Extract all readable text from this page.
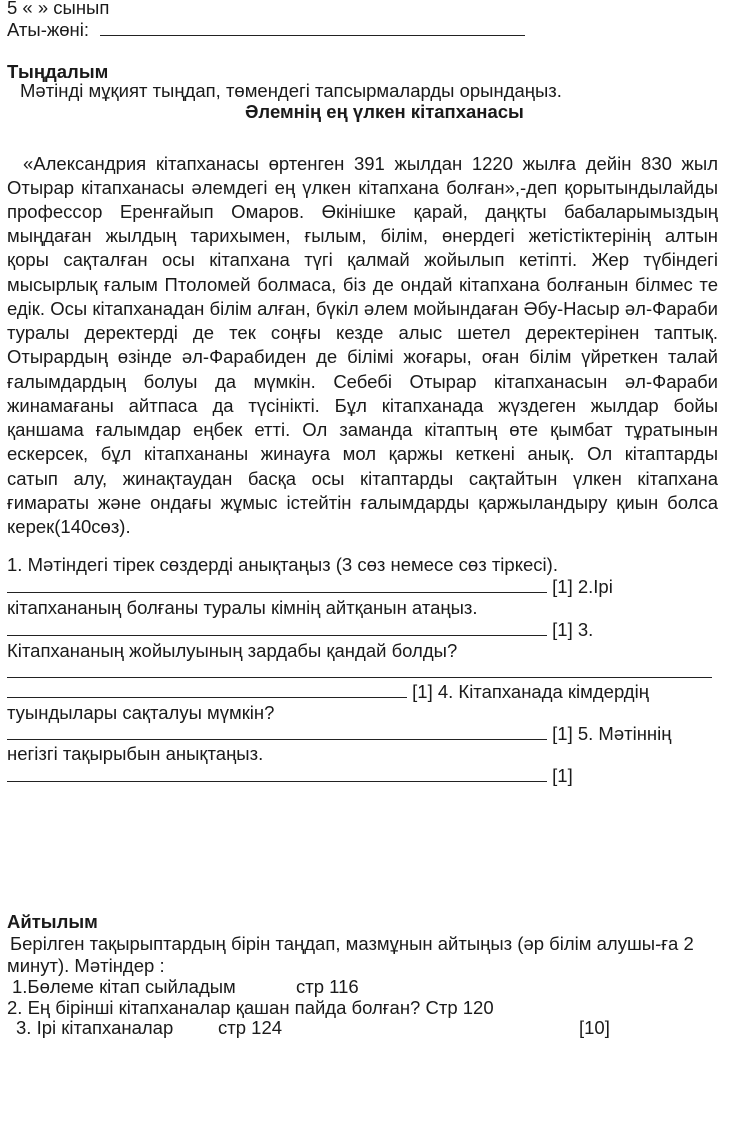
5 « » сынып
Аты-жөні:
Тыңдалым
Мәтінді мұқият тыңдап, төмендегі тапсырмаларды орындаңыз.
Әлемнің ең үлкен кітапханасы
«Александрия кітапханасы өртенген 391 жылдан 1220 жылға дейін 830 жыл
Отырар кітапханасы әлемдегі ең үлкен кітапхана болған»,-деп қорытындылайды
профессор Еренғайып Омаров. Өкінішке қарай, даңқты бабаларымыздың
мыңдаған жылдың тарихымен, ғылым, білім, өнердегі жетістіктерінің алтын
қоры сақталған осы кітапхана түгі қалмай жойылып кетіпті. Жер түбіндегі
мысырлық ғалым Птоломей болмаса, біз де ондай кітапхана болғанын білмес те
едік. Осы кітапханадан білім алған, бүкіл әлем мойындаған Әбу-Насыр әл-Фараби
туралы деректерді де тек соңғы кезде алыс шетел деректерінен таптық.
Отырардың өзінде әл-Фарабиден де білімі жоғары, оған білім үйреткен талай
ғалымдардың болуы да мүмкін. Себебі Отырар кітапханасын әл-Фараби
жинамағаны айтпаса да түсінікті. Бұл кітапханада жүздеген жылдар бойы
қаншама ғалымдар еңбек етті. Ол заманда кітаптың өте қымбат тұратынын
ескерсек, бұл кітапхананы жинауға мол қаржы кеткені анық. Ол кітаптарды
сатып алу, жинақтаудан басқа осы кітаптарды сақтайтын үлкен кітапхана
ғимараты және ондағы жұмыс істейтін ғалымдарды қаржыландыру қиын болса
керек(140сөз).
1. Мәтіндегі тірек сөздерді анықтаңыз (3 сөз немесе сөз тіркесі).
[1] 2.Ірі
кітапхананың болғаны туралы кімнің айтқанын атаңыз.
[1] 3.
Кітапхананың жойылуының зардабы қандай болды?
[1] 4. Кітапханада кімдердің
туындылары сақталуы мүмкін?
[1] 5. Мәтіннің
негізгі тақырыбын анықтаңыз.
[1]
Айтылым
Берілген тақырыптардың бірін таңдап, мазмұнын айтыңыз (әр білім алушы-ға 2
минут). Мәтіндер :
1.Бөлеме кітап сыйладым	стр 116
2. Ең бірінші кітапханалар қашан пайда болған? Стр 120
3. Ірі кітапханалар стр 124	[10]
